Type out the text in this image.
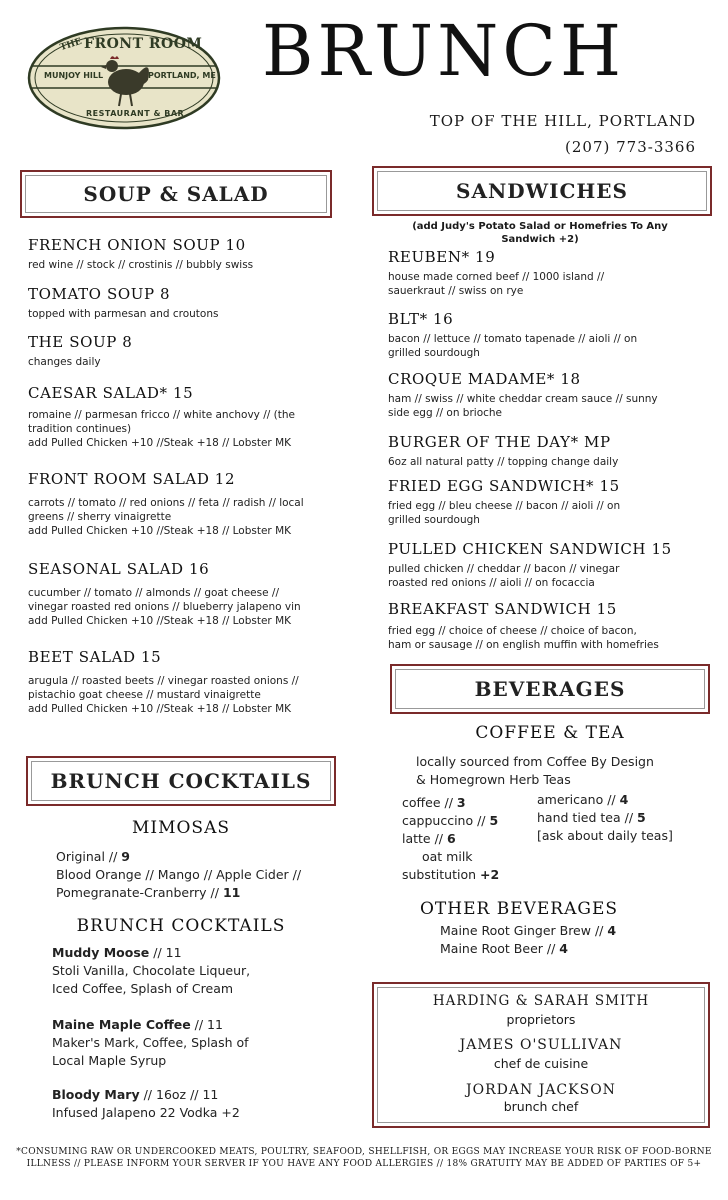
THE FRONT ROOM
MUNJOY HILL	PORTLAND, ME
RESTAURANT & BAR
BRUNCH
TOP OF THE HILL, PORTLAND
(207) 773-3366
SOUP & SALAD
FRENCH ONION SOUP 10
red wine // stock // crostinis // bubbly swiss
TOMATO SOUP 8
topped with parmesan and croutons
THE SOUP 8
changes daily
CAESAR SALAD* 15
romaine // parmesan fricco // white anchovy // (the
tradition continues)
add Pulled Chicken +10 //Steak +18 // Lobster MK
FRONT ROOM SALAD 12
carrots // tomato // red onions // feta // radish // local
greens // sherry vinaigrette
add Pulled Chicken +10 //Steak +18 // Lobster MK
SEASONAL SALAD 16
cucumber // tomato // almonds // goat cheese //
vinegar roasted red onions // blueberry jalapeno vin
add Pulled Chicken +10 //Steak +18 // Lobster MK
BEET SALAD 15
arugula // roasted beets // vinegar roasted onions //
pistachio goat cheese // mustard vinaigrette
add Pulled Chicken +10 //Steak +18 // Lobster MK
SANDWICHES
(add Judy's Potato Salad or Homefries To Any
Sandwich +2)
REUBEN* 19
house made corned beef // 1000 island //
sauerkraut // swiss on rye
BLT* 16
bacon // lettuce // tomato tapenade // aioli // on
grilled sourdough
CROQUE MADAME* 18
ham // swiss // white cheddar cream sauce // sunny
side egg // on brioche
BURGER OF THE DAY* MP
6oz all natural patty // topping change daily
FRIED EGG SANDWICH* 15
fried egg // bleu cheese // bacon // aioli // on
grilled sourdough
PULLED CHICKEN SANDWICH 15
pulled chicken // cheddar // bacon // vinegar
roasted red onions // aioli // on focaccia
BREAKFAST SANDWICH 15
fried egg // choice of cheese // choice of bacon,
ham or sausage // on english muffin with homefries
BEVERAGES
COFFEE & TEA
locally sourced from Coffee By Design
& Homegrown Herb Teas
coffee // 3
cappuccino // 5
latte // 6
oat milk
substitution +2
americano // 4
hand tied tea // 5
[ask about daily teas]
OTHER BEVERAGES
Maine Root Ginger Brew // 4
Maine Root Beer // 4
HARDING & SARAH SMITH
proprietors
JAMES O'SULLIVAN
chef de cuisine
JORDAN JACKSON
brunch chef
BRUNCH COCKTAILS
MIMOSAS
Original // 9
Blood Orange // Mango // Apple Cider //
Pomegranate-Cranberry // 11
BRUNCH COCKTAILS
Muddy Moose // 11
Stoli Vanilla, Chocolate Liqueur,
Iced Coffee, Splash of Cream
Maine Maple Coffee // 11
Maker's Mark, Coffee, Splash of
Local Maple Syrup
Bloody Mary // 16oz // 11
Infused Jalapeno 22 Vodka +2
*CONSUMING RAW OR UNDERCOOKED MEATS, POULTRY, SEAFOOD, SHELLFISH, OR EGGS MAY INCREASE YOUR RISK OF FOOD-BORNE ILLNESS // PLEASE INFORM YOUR SERVER IF YOU HAVE ANY FOOD ALLERGIES // 18% GRATUITY MAY BE ADDED OF PARTIES OF 5+
